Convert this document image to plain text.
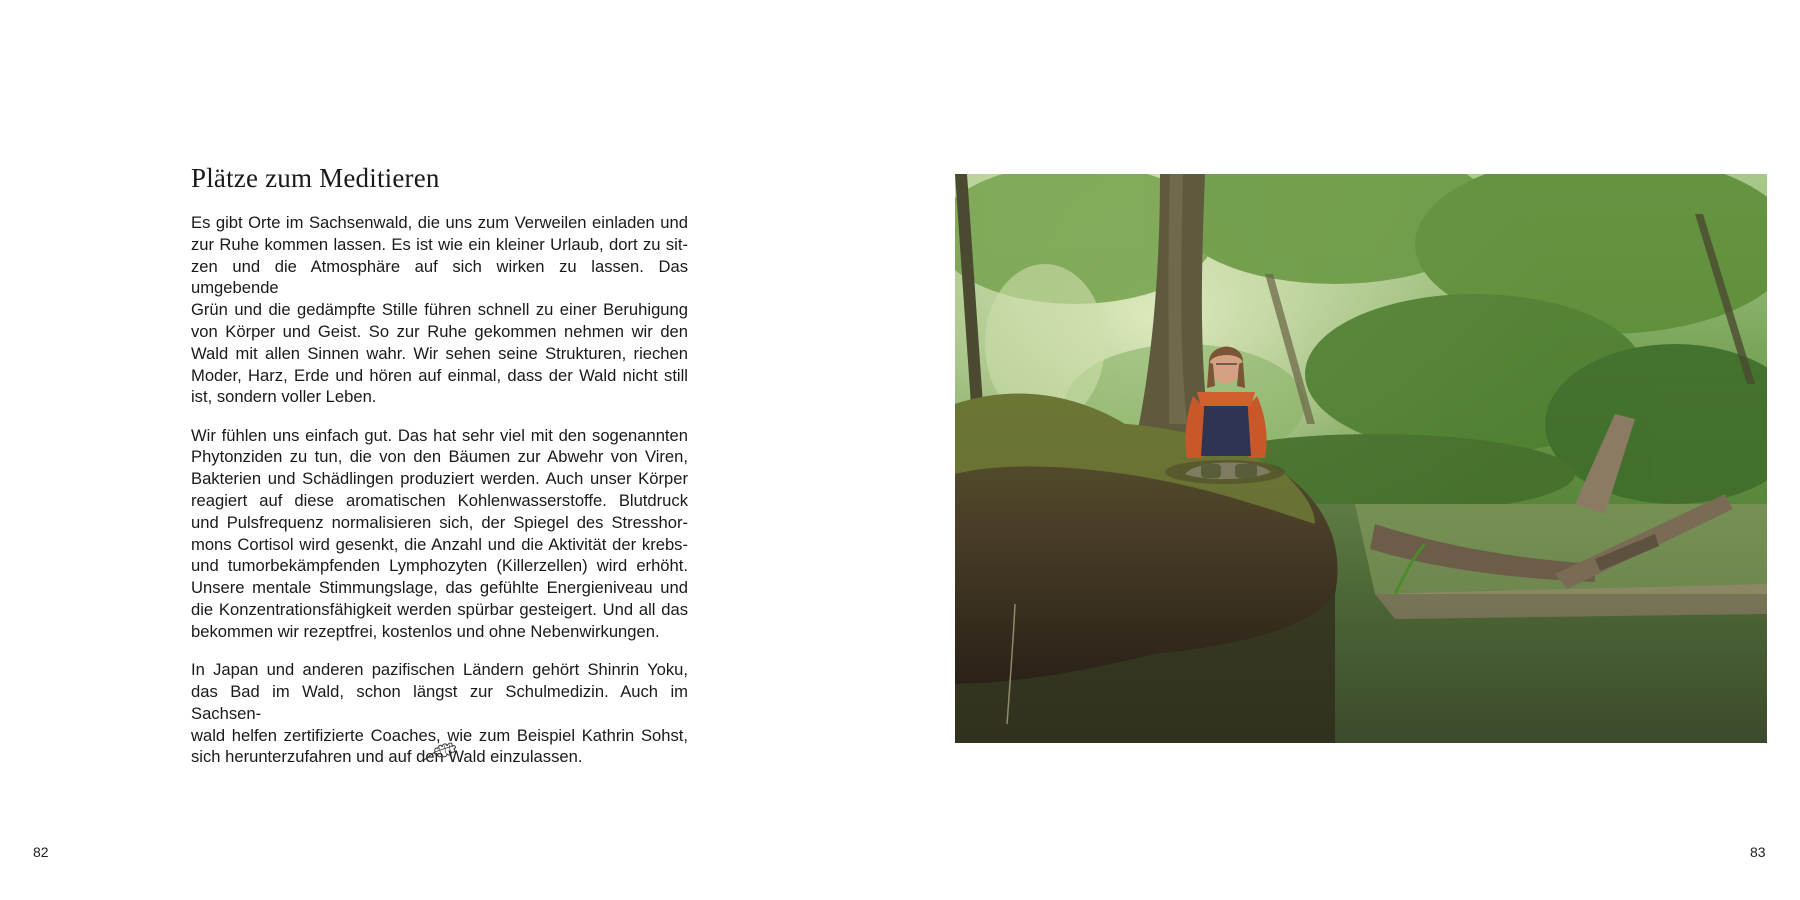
Plätze zum Meditieren

Es gibt Orte im Sachsenwald, die uns zum Verweilen einladen und
zur Ruhe kommen lassen. Es ist wie ein kleiner Urlaub, dort zu sit-
zen und die Atmosphäre auf sich wirken zu lassen. Das umgebende
Grün und die gedämpfte Stille führen schnell zu einer Beruhigung
von Körper und Geist. So zur Ruhe gekommen nehmen wir den
Wald mit allen Sinnen wahr. Wir sehen seine Strukturen, riechen
Moder, Harz, Erde und hören auf einmal, dass der Wald nicht still
ist, sondern voller Leben.

Wir fühlen uns einfach gut. Das hat sehr viel mit den sogenannten
Phytonziden zu tun, die von den Bäumen zur Abwehr von Viren,
Bakterien und Schädlingen produziert werden. Auch unser Körper
reagiert auf diese aromatischen Kohlenwasserstoffe. Blutdruck
und Pulsfrequenz normalisieren sich, der Spiegel des Stresshor-
mons Cortisol wird gesenkt, die Anzahl und die Aktivität der krebs-
und tumorbekämpfenden Lymphozyten (Killerzellen) wird erhöht.
Unsere mentale Stimmungslage, das gefühlte Energieniveau und
die Konzentrationsfähigkeit werden spürbar gesteigert. Und all das
bekommen wir rezeptfrei, kostenlos und ohne Nebenwirkungen.

In Japan und anderen pazifischen Ländern gehört Shinrin Yoku,
das Bad im Wald, schon längst zur Schulmedizin. Auch im Sachsen-
wald helfen zertifizierte Coaches, wie zum Beispiel Kathrin Sohst,
sich herunterzufahren und auf den Wald einzulassen.

82	83
